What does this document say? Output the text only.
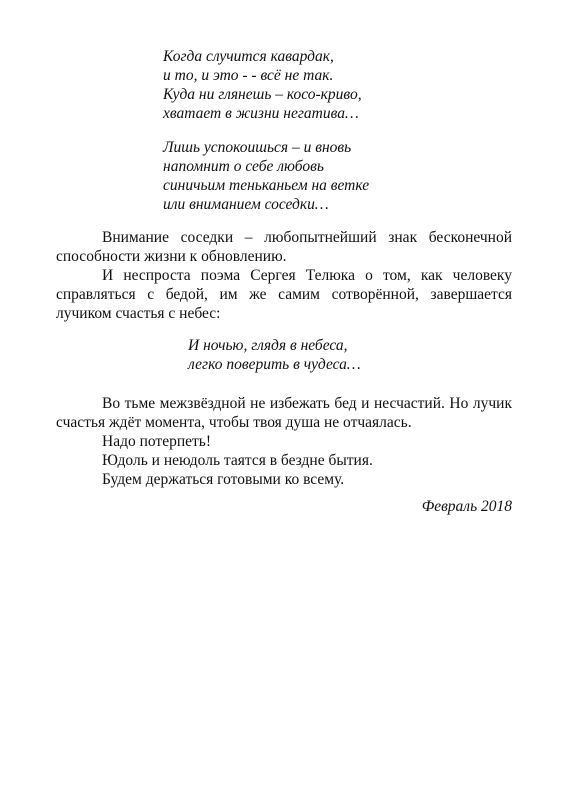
Когда случится кавардак,
и то, и это - - всё не так.
Куда ни глянешь – косо-криво,
хватает в жизни негатива…
Лишь успокоишься – и вновь
напомнит о себе любовь
синичьим теньканьем на ветке
или вниманием соседки…

Внимание соседки – любопытнейший знак бесконечной способности жизни к обновлению.

И неспроста поэма Сергея Телюка о том, как человеку справляться с бедой, им же самим сотворённой, завершается лучиком счастья с небес:

И ночью, глядя в небеса,
легко поверить в чудеса…

Во тьме межзвёздной не избежать бед и несчастий. Но лучик счастья ждёт момента, чтобы твоя душа не отчаялась.

Надо потерпеть!

Юдоль и неюдоль таятся в бездне бытия.

Будем держаться готовыми ко всему.

Февраль 2018
